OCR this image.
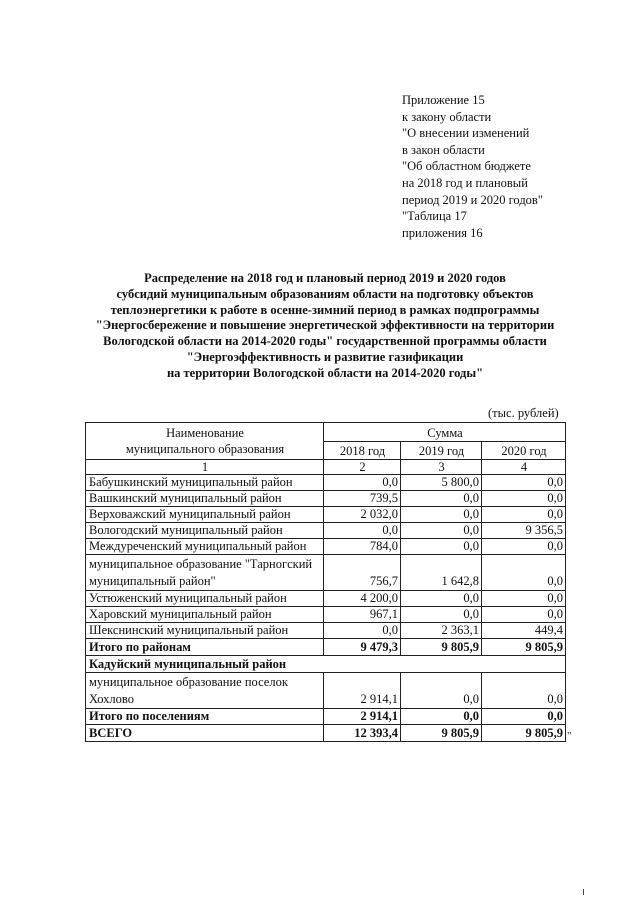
Приложение 15
к закону области
"О внесении изменений
в закон области
"Об областном бюджете
на 2018 год и плановый
период 2019 и 2020 годов"
"Таблица 17
приложения 16
Распределение на 2018 год и плановый период 2019 и 2020 годов
субсидий муниципальным образованиям области на подготовку объектов
теплоэнергетики к работе в осенне-зимний период в рамках подпрограммы
"Энергосбережение и повышение энергетической эффективности на территории
Вологодской области на 2014-2020 годы" государственной программы области
"Энергоэффективность и развитие газификации
на территории Вологодской области на 2014-2020 годы"
(тыс. рублей)
Наименование
муниципального образования	Сумма		
	2018 год	2019 год	2020 год
1	2	3	4
Бабушкинский муниципальный район	0,0	5 800,0	0,0
Вашкинский муниципальный район	739,5	0,0	0,0
Верховажский муниципальный район	2 032,0	0,0	0,0
Вологодский муниципальный район	0,0	0,0	9 356,5
Междуреченский муниципальный район	784,0	0,0	0,0
муниципальное образование "Тарногский муниципальный район"	756,7	1 642,8	0,0
Устюженский муниципальный район	4 200,0	0,0	0,0
Харовский муниципальный район	967,1	0,0	0,0
Шекснинский муниципальный район	0,0	2 363,1	449,4
Итого по районам	9 479,3	9 805,9	9 805,9
Кадуйский муниципальный район			
муниципальное образование поселок Хохлово	2 914,1	0,0	0,0
Итого по поселениям	2 914,1	0,0	0,0
ВСЕГО	12 393,4	9 805,9	9 805,9 "
